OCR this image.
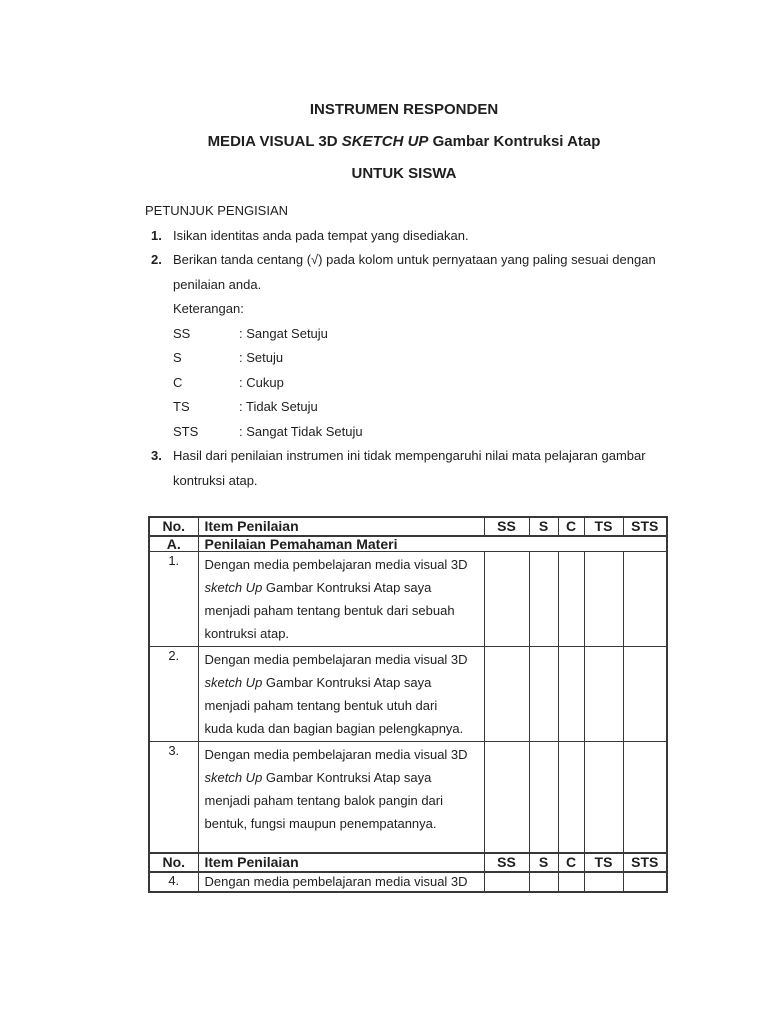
INSTRUMEN RESPONDEN
MEDIA VISUAL 3D SKETCH UP Gambar Kontruksi Atap
UNTUK SISWA
PETUNJUK PENGISIAN
1. Isikan identitas anda pada tempat yang disediakan.
2. Berikan tanda centang (√) pada kolom untuk pernyataan yang paling sesuai dengan penilaian anda.
Keterangan:
SS	: Sangat Setuju
S	: Setuju
C	: Cukup
TS	: Tidak Setuju
STS	: Sangat Tidak Setuju
3. Hasil dari penilaian instrumen ini tidak mempengaruhi nilai mata pelajaran gambar kontruksi atap.
No.	Item Penilaian	SS	S	C	TS	STS
A.	Penilaian Pemahaman Materi					
1.	Dengan media pembelajaran media visual 3D
sketch Up Gambar Kontruksi Atap saya
menjadi paham tentang bentuk dari sebuah
kontruksi atap.					

2.	Dengan media pembelajaran media visual 3D
sketch Up Gambar Kontruksi Atap saya
menjadi paham tentang bentuk utuh dari
kuda kuda dan bagian bagian pelengkapnya.					

3.	Dengan media pembelajaran media visual 3D
sketch Up Gambar Kontruksi Atap saya
menjadi paham tentang balok pangin dari
bentuk, fungsi maupun penempatannya.					

No.	Item Penilaian	SS	S	C	TS	STS
4.	Dengan media pembelajaran media visual 3D					
